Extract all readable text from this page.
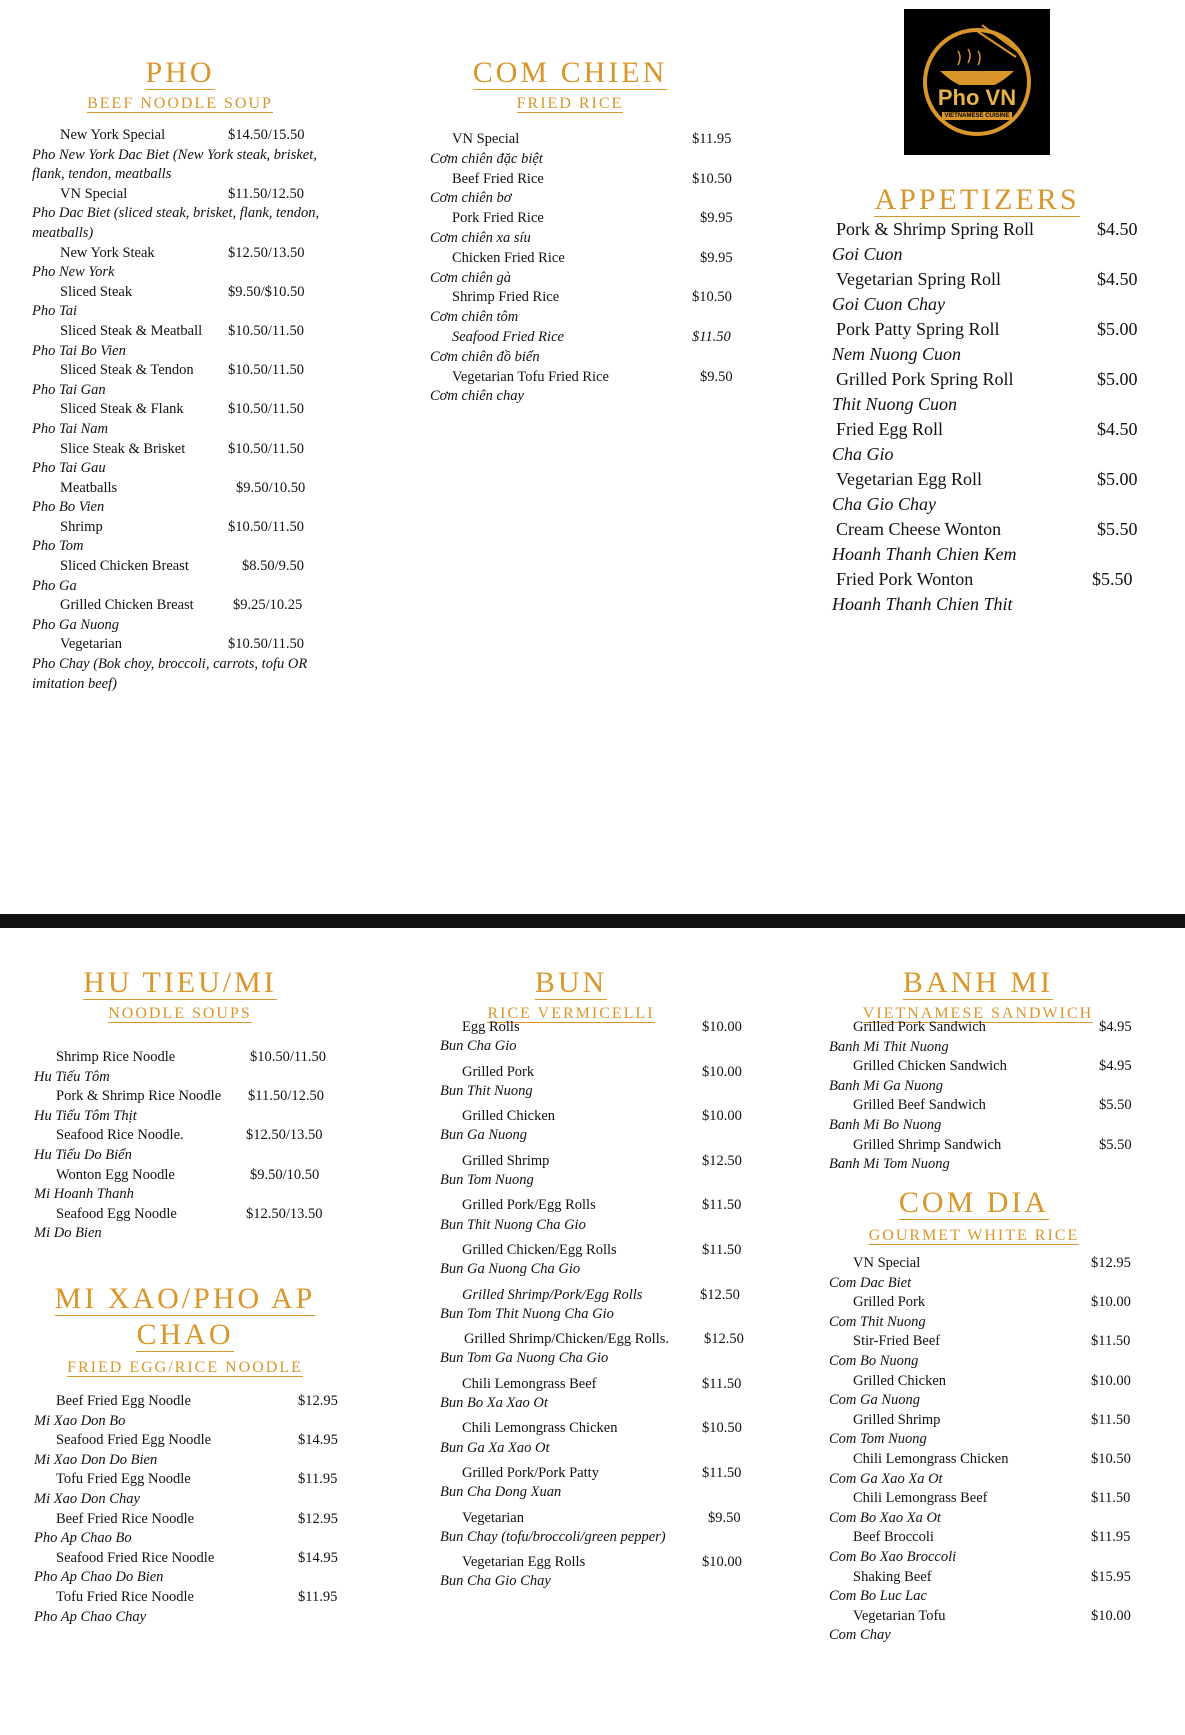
PHO
BEEF NOODLE SOUP
New York Special
Pho New York Dac Biet (New York steak, brisket, flank, tendon, meatballs
$14.50/15.50
VN Special
Pho Dac Biet (sliced steak, brisket, flank, tendon, meatballs)
$11.50/12.50
New York Steak
Pho New York
$12.50/13.50
Sliced Steak
Pho Tai
$9.50/$10.50
Sliced Steak & Meatball
Pho Tai Bo Vien
$10.50/11.50
Sliced Steak & Tendon
Pho Tai Gan
$10.50/11.50
Sliced Steak & Flank
Pho Tai Nam
$10.50/11.50
Slice Steak & Brisket
Pho Tai Gau
$10.50/11.50
Meatballs
Pho Bo Vien
$9.50/10.50
Shrimp
Pho Tom
$10.50/11.50
Sliced Chicken Breast
Pho Ga
$8.50/9.50
Grilled Chicken Breast
Pho Ga Nuong
$9.25/10.25
Vegetarian
Pho Chay (Bok choy, broccoli, carrots, tofu OR imitation beef)
$10.50/11.50
COM CHIEN
FRIED RICE
VN Special
Cơm chiên đặc biệt
$11.95
Beef Fried Rice
Cơm chiên bơ
$10.50
Pork Fried Rice
Cơm chiên xa síu
$9.95
Chicken Fried Rice
Cơm chiên gà
$9.95
Shrimp Fried Rice
Cơm chiên tôm
$10.50
Seafood Fried Rice
Cơm chiên đồ biển
$11.50
Vegetarian Tofu Fried Rice
Cơm chiên chay
$9.50
Pho VN
VIETNAMESE CUISINE
APPETIZERS
Pork & Shrimp Spring Roll
Goi Cuon
$4.50
Vegetarian Spring Roll
Goi Cuon Chay
$4.50
Pork Patty Spring Roll
Nem Nuong Cuon
$5.00
Grilled Pork Spring Roll
Thit Nuong Cuon
$5.00
Fried Egg Roll
Cha Gio
$4.50
Vegetarian Egg Roll
Cha Gio Chay
$5.00
Cream Cheese Wonton
Hoanh Thanh Chien Kem
$5.50
Fried Pork Wonton
Hoanh Thanh Chien Thit
$5.50
HU TIEU/MI
NOODLE SOUPS
Shrimp Rice Noodle
Hu Tiếu Tôm
$10.50/11.50
Pork & Shrimp Rice Noodle
Hu Tiếu Tôm Thịt
$11.50/12.50
Seafood Rice Noodle.
Hu Tiếu Do Biển
$12.50/13.50
Wonton Egg Noodle
Mi Hoanh Thanh
$9.50/10.50
Seafood Egg Noodle
Mi Do Bien
$12.50/13.50
MI XAO/PHO AP
CHAO
FRIED EGG/RICE NOODLE
Beef Fried Egg Noodle
Mi Xao Don Bo
$12.95
Seafood Fried Egg Noodle
Mi Xao Don Do Bien
$14.95
Tofu Fried Egg Noodle
Mi Xao Don Chay
$11.95
Beef Fried Rice Noodle
Pho Ap Chao Bo
$12.95
Seafood Fried Rice Noodle
Pho Ap Chao Do Bien
$14.95
Tofu Fried Rice Noodle
Pho Ap Chao Chay
$11.95
BUN
RICE VERMICELLI
Egg Rolls
Bun Cha Gio
$10.00
Grilled Pork
Bun Thit Nuong
$10.00
Grilled Chicken
Bun Ga Nuong
$10.00
Grilled Shrimp
Bun Tom Nuong
$12.50
Grilled Pork/Egg Rolls
Bun Thit Nuong Cha Gio
$11.50
Grilled Chicken/Egg Rolls
Bun Ga Nuong Cha Gio
$11.50
Grilled Shrimp/Pork/Egg Rolls
Bun Tom Thit Nuong Cha Gio
$12.50
Grilled Shrimp/Chicken/Egg Rolls.
Bun Tom Ga Nuong Cha Gio
$12.50
Chili Lemongrass Beef
Bun Bo Xa Xao Ot
$11.50
Chili Lemongrass Chicken
Bun Ga Xa Xao Ot
$10.50
Grilled Pork/Pork Patty
Bun Cha Dong Xuan
$11.50
Vegetarian
Bun Chay (tofu/broccoli/green pepper)
$9.50
Vegetarian Egg Rolls
Bun Cha Gio Chay
$10.00
BANH MI
VIETNAMESE SANDWICH
Grilled Pork Sandwich
Banh Mi Thit Nuong
$4.95
Grilled Chicken Sandwich
Banh Mi Ga Nuong
$4.95
Grilled Beef Sandwich
Banh Mi Bo Nuong
$5.50
Grilled Shrimp Sandwich
Banh Mi Tom Nuong
$5.50
COM DIA
GOURMET WHITE RICE
VN Special
Com Dac Biet
$12.95
Grilled Pork
Com Thit Nuong
$10.00
Stir-Fried Beef
Com Bo Nuong
$11.50
Grilled Chicken
Com Ga Nuong
$10.00
Grilled Shrimp
Com Tom Nuong
$11.50
Chili Lemongrass Chicken
Com Ga Xao Xa Ot
$10.50
Chili Lemongrass Beef
Com Bo Xao Xa Ot
$11.50
Beef Broccoli
Com Bo Xao Broccoli
$11.95
Shaking Beef
Com Bo Luc Lac
$15.95
Vegetarian Tofu
Com Chay
$10.00
